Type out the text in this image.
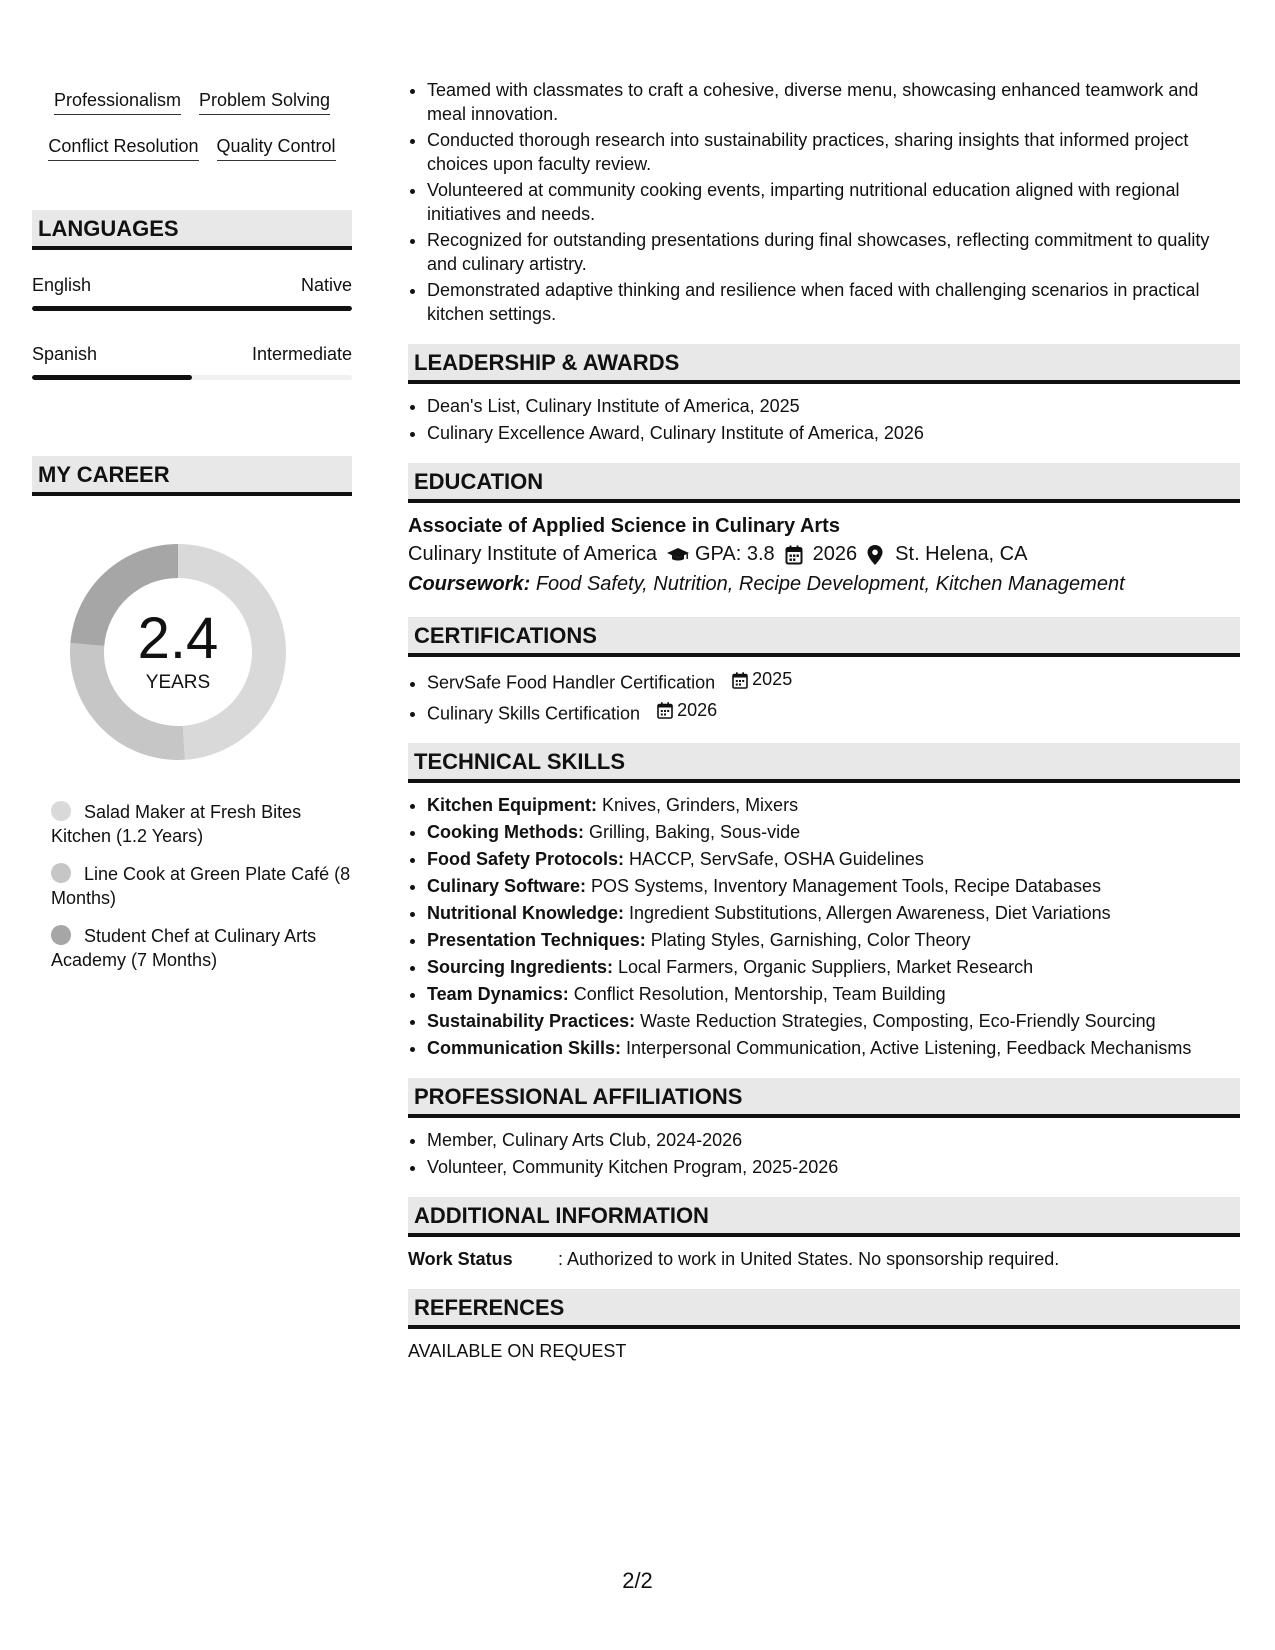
Professionalism Problem Solving
Conflict Resolution Quality Control
LANGUAGES
English	Native
Spanish	Intermediate
MY CAREER
2.4
YEARS
Salad Maker at Fresh Bites Kitchen (1.2 Years)
Line Cook at Green Plate Café (8 Months)
Student Chef at Culinary Arts Academy (7 Months)
• Teamed with classmates to craft a cohesive, diverse menu, showcasing enhanced teamwork and meal innovation.
• Conducted thorough research into sustainability practices, sharing insights that informed project choices upon faculty review.
• Volunteered at community cooking events, imparting nutritional education aligned with regional initiatives and needs.
• Recognized for outstanding presentations during final showcases, reflecting commitment to quality and culinary artistry.
• Demonstrated adaptive thinking and resilience when faced with challenging scenarios in practical kitchen settings.
LEADERSHIP & AWARDS
• Dean's List, Culinary Institute of America, 2025
• Culinary Excellence Award, Culinary Institute of America, 2026
EDUCATION
Associate of Applied Science in Culinary Arts
Culinary Institute of America GPA: 3.8 2026 St. Helena, CA
Coursework: Food Safety, Nutrition, Recipe Development, Kitchen Management
CERTIFICATIONS
• ServSafe Food Handler Certification 2025
• Culinary Skills Certification 2026
TECHNICAL SKILLS
• Kitchen Equipment: Knives, Grinders, Mixers
• Cooking Methods: Grilling, Baking, Sous-vide
• Food Safety Protocols: HACCP, ServSafe, OSHA Guidelines
• Culinary Software: POS Systems, Inventory Management Tools, Recipe Databases
• Nutritional Knowledge: Ingredient Substitutions, Allergen Awareness, Diet Variations
• Presentation Techniques: Plating Styles, Garnishing, Color Theory
• Sourcing Ingredients: Local Farmers, Organic Suppliers, Market Research
• Team Dynamics: Conflict Resolution, Mentorship, Team Building
• Sustainability Practices: Waste Reduction Strategies, Composting, Eco-Friendly Sourcing
• Communication Skills: Interpersonal Communication, Active Listening, Feedback Mechanisms
PROFESSIONAL AFFILIATIONS
• Member, Culinary Arts Club, 2024-2026
• Volunteer, Community Kitchen Program, 2025-2026
ADDITIONAL INFORMATION
Work Status	: Authorized to work in United States. No sponsorship required.
REFERENCES
AVAILABLE ON REQUEST
2/2
